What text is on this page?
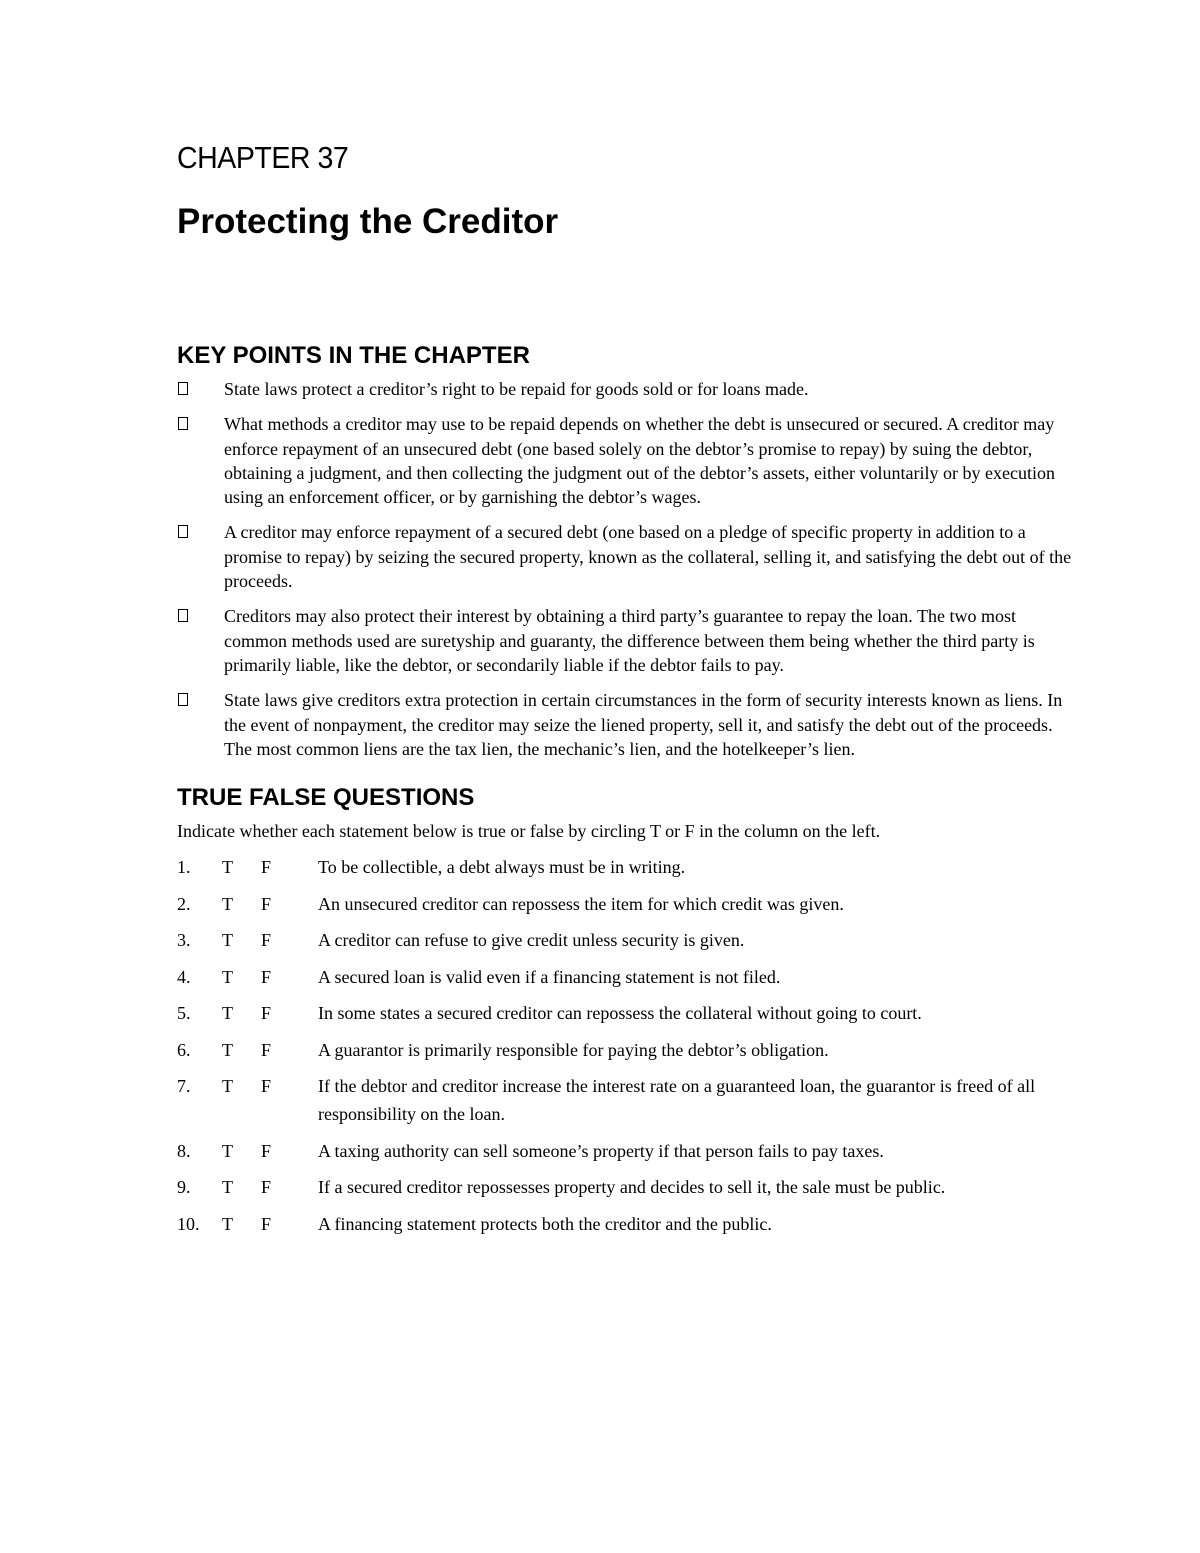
CHAPTER 37
Protecting the Creditor
KEY POINTS IN THE CHAPTER
State laws protect a creditor’s right to be repaid for goods sold or for loans made.
What methods a creditor may use to be repaid depends on whether the debt is unsecured or secured. A creditor may enforce repayment of an unsecured debt (one based solely on the debtor’s promise to repay) by suing the debtor, obtaining a judgment, and then collecting the judgment out of the debtor’s assets, either voluntarily or by execution using an enforcement officer, or by garnishing the debtor’s wages.
A creditor may enforce repayment of a secured debt (one based on a pledge of specific property in addition to a promise to repay) by seizing the secured property, known as the collateral, selling it, and satisfying the debt out of the proceeds.
Creditors may also protect their interest by obtaining a third party’s guarantee to repay the loan. The two most common methods used are suretyship and guaranty, the difference between them being whether the third party is primarily liable, like the debtor, or secondarily liable if the debtor fails to pay.
State laws give creditors extra protection in certain circumstances in the form of security interests known as liens. In the event of nonpayment, the creditor may seize the liened property, sell it, and satisfy the debt out of the proceeds. The most common liens are the tax lien, the mechanic’s lien, and the hotelkeeper’s lien.
TRUE FALSE QUESTIONS

Indicate whether each statement below is true or false by circling T or F in the column on the left.

1.	T	F	To be collectible, a debt always must be in writing.
2.	T	F	An unsecured creditor can repossess the item for which credit was given.
3.	T	F	A creditor can refuse to give credit unless security is given.
4.	T	F	A secured loan is valid even if a financing statement is not filed.
5.	T	F	In some states a secured creditor can repossess the collateral without going to court.
6.	T	F	A guarantor is primarily responsible for paying the debtor’s obligation.
7.	T	F	If the debtor and creditor increase the interest rate on a guaranteed loan, the guarantor is freed of all responsibility on the loan.
8.	T	F	A taxing authority can sell someone’s property if that person fails to pay taxes.
9.	T	F	If a secured creditor repossesses property and decides to sell it, the sale must be public.
10.	T	F	A financing statement protects both the creditor and the public.
